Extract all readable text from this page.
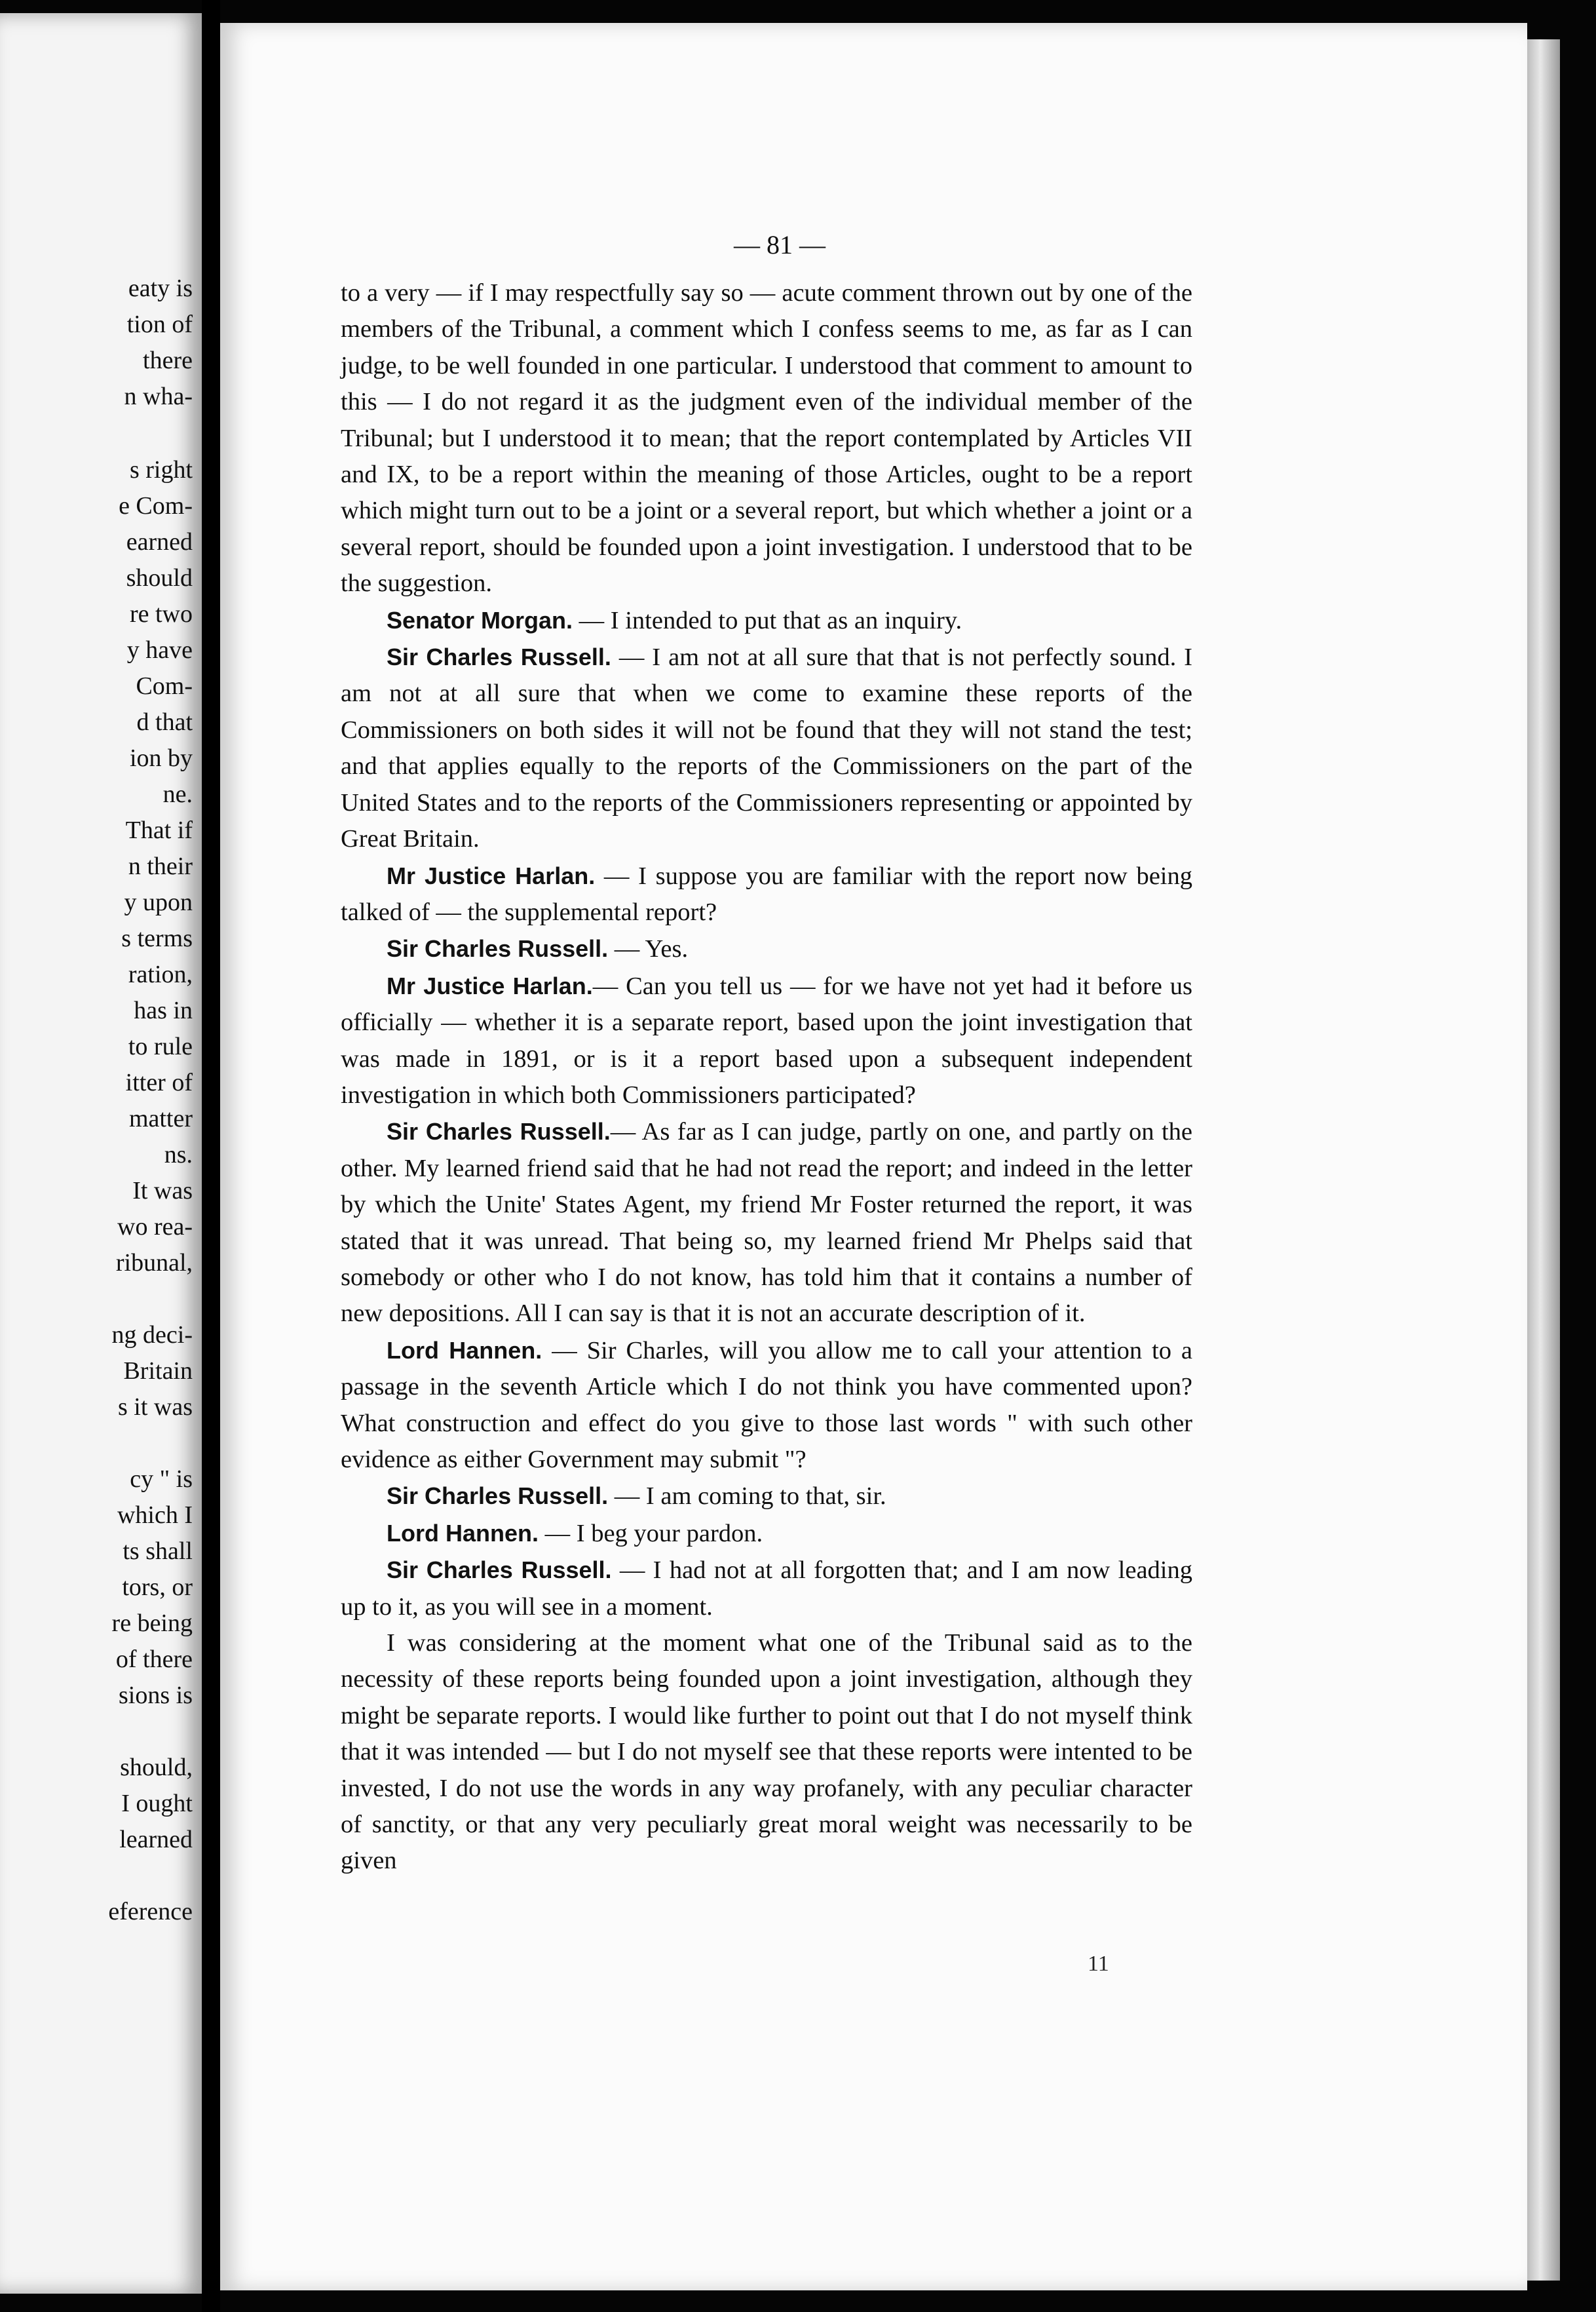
eaty is
tion of
there
n wha-
s right
e Com-
earned
should
re two
y have
Com-
d that
ion by
ne.
That if
n their
y upon
s terms
ration,
has in
to rule
itter of
matter
ns.
It was
wo rea-
ribunal,
ng deci-
Britain
s it was
cy " is
which I
ts shall
tors, or
re being
of there
sions is
should,
I ought
learned
eference
— 81 —

to a very — if I may respectfully say so — acute comment thrown out by one of the members of the Tribunal, a comment which I confess seems to me, as far as I can judge, to be well founded in one particular. I understood that comment to amount to this — I do not regard it as the judgment even of the individual member of the Tribunal; but I understood it to mean; that the report contemplated by Articles VII and IX, to be a report within the meaning of those Articles, ought to be a report which might turn out to be a joint or a several report, but which whether a joint or a several report, should be founded upon a joint investigation. I understood that to be the suggestion.

Senator Morgan. — I intended to put that as an inquiry.

Sir Charles Russell. — I am not at all sure that that is not perfectly sound. I am not at all sure that when we come to examine these reports of the Commissioners on both sides it will not be found that they will not stand the test; and that applies equally to the reports of the Commissioners on the part of the United States and to the reports of the Commissioners representing or appointed by Great Britain.

Mr Justice Harlan. — I suppose you are familiar with the report now being talked of — the supplemental report?

Sir Charles Russell. — Yes.

Mr Justice Harlan.— Can you tell us — for we have not yet had it before us officially — whether it is a separate report, based upon the joint investigation that was made in 1891, or is it a report based upon a subsequent independent investigation in which both Commissioners participated?

Sir Charles Russell.— As far as I can judge, partly on one, and partly on the other. My learned friend said that he had not read the report; and indeed in the letter by which the Unite' States Agent, my friend Mr Foster returned the report, it was stated that it was unread. That being so, my learned friend Mr Phelps said that somebody or other who I do not know, has told him that it contains a number of new depositions. All I can say is that it is not an accurate description of it.

Lord Hannen. — Sir Charles, will you allow me to call your attention to a passage in the seventh Article which I do not think you have commented upon? What construction and effect do you give to those last words " with such other evidence as either Government may submit "?

Sir Charles Russell. — I am coming to that, sir.

Lord Hannen. — I beg your pardon.

Sir Charles Russell. — I had not at all forgotten that; and I am now leading up to it, as you will see in a moment.

I was considering at the moment what one of the Tribunal said as to the necessity of these reports being founded upon a joint investigation, although they might be separate reports. I would like further to point out that I do not myself think that it was intended — but I do not myself see that these reports were intented to be invested, I do not use the words in any way profanely, with any peculiar character of sanctity, or that any very peculiarly great moral weight was necessarily to be given

11
